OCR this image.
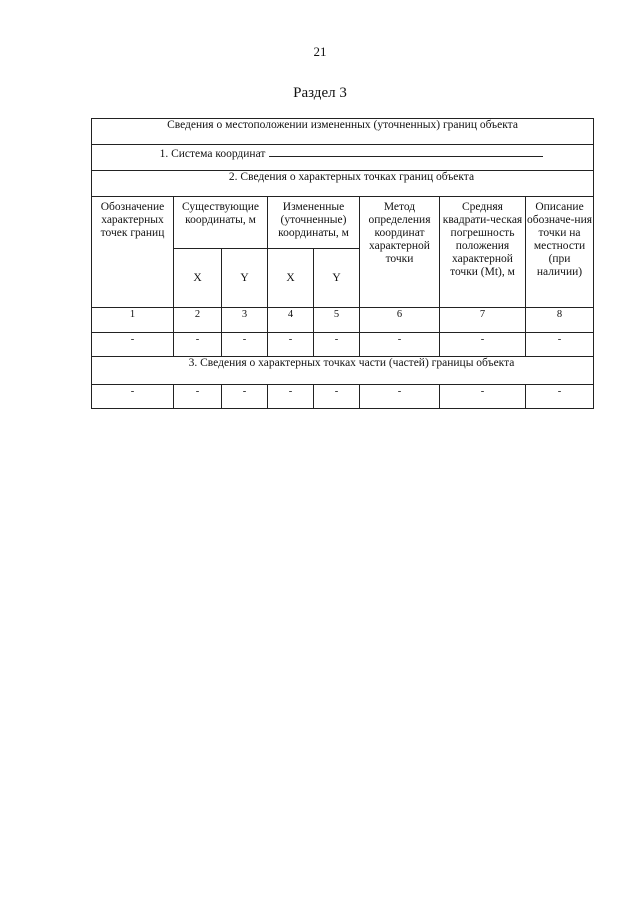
21
Раздел 3
Сведения о местоположении измененных (уточненных) границ объекта							
1. Система координат							
2. Сведения о характерных точках границ объекта							
Обозначение характерных точек границ	Существующие координаты, м		Измененные (уточненные) координаты, м		Метод определения координат характерной точки	Средняя квадрати-ческая погрешность положения характерной точки (Mt), м	Описание обозначе-ния точки на местности (при наличии)
	X	Y	X	Y			
1	2	3	4	5	6	7	8
-	-	-	-	-	-	-	-
3. Сведения о характерных точках части (частей) границы объекта							
-	-	-	-	-	-	-	-
